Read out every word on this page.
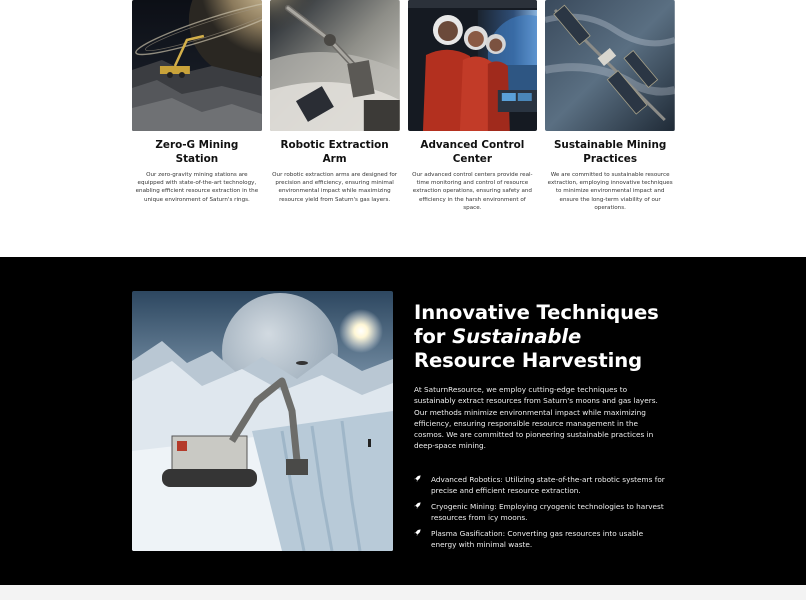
Zero-G Mining Station
Our zero-gravity mining stations are equipped with state-of-the-art technology, enabling efficient resource extraction in the unique environment of Saturn's rings.
Robotic Extraction Arm
Our robotic extraction arms are designed for precision and efficiency, ensuring minimal environmental impact while maximizing resource yield from Saturn's gas layers.
Advanced Control Center
Our advanced control centers provide real-time monitoring and control of resource extraction operations, ensuring safety and efficiency in the harsh environment of space.
Sustainable Mining Practices
We are committed to sustainable resource extraction, employing innovative techniques to minimize environmental impact and ensure the long-term viability of our operations.
Innovative Techniques
for Sustainable
Resource Harvesting

At SaturnResource, we employ cutting-edge techniques to sustainably extract resources from Saturn's moons and gas layers. Our methods minimize environmental impact while maximizing efficiency, ensuring responsible resource management in the cosmos. We are committed to pioneering sustainable practices in deep-space mining.

Advanced Robotics: Utilizing state-of-the-art robotic systems for precise and efficient resource extraction.
Cryogenic Mining: Employing cryogenic technologies to harvest resources from icy moons.
Plasma Gasification: Converting gas resources into usable energy with minimal waste.
